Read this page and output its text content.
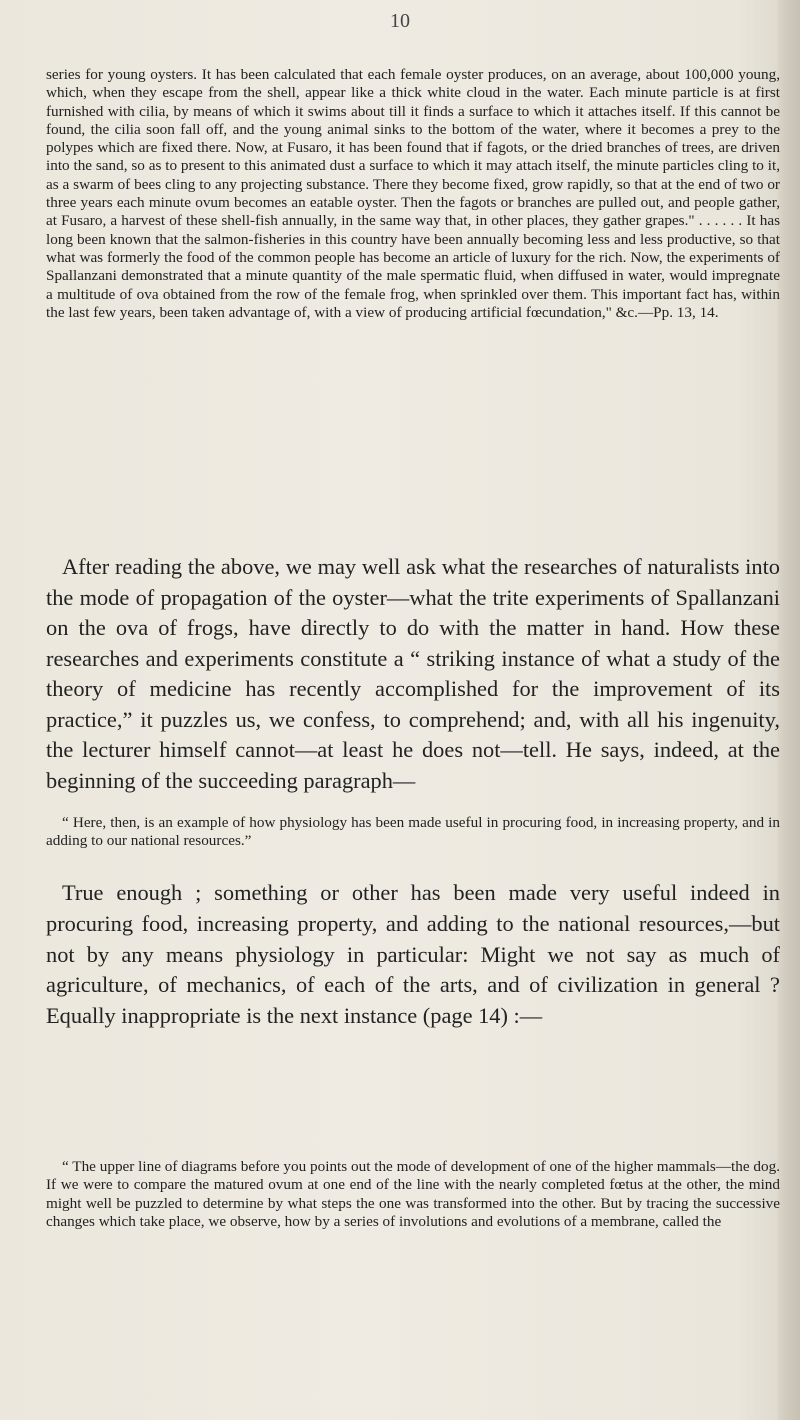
10

series for young oysters. It has been calculated that each female oyster produces, on an average, about 100,000 young, which, when they escape from the shell, appear like a thick white cloud in the water. Each minute particle is at first furnished with cilia, by means of which it swims about till it finds a surface to which it attaches itself. If this cannot be found, the cilia soon fall off, and the young animal sinks to the bottom of the water, where it becomes a prey to the polypes which are fixed there. Now, at Fusaro, it has been found that if fagots, or the dried branches of trees, are driven into the sand, so as to present to this animated dust a surface to which it may attach itself, the minute particles cling to it, as a swarm of bees cling to any projecting substance. There they become fixed, grow rapidly, so that at the end of two or three years each minute ovum becomes an eatable oyster. Then the fagots or branches are pulled out, and people gather, at Fusaro, a harvest of these shell-fish annually, in the same way that, in other places, they gather grapes." . . . . . . It has long been known that the salmon-fisheries in this country have been annually becoming less and less productive, so that what was formerly the food of the common people has become an article of luxury for the rich. Now, the experiments of Spallanzani demonstrated that a minute quantity of the male spermatic fluid, when diffused in water, would impregnate a multitude of ova obtained from the row of the female frog, when sprinkled over them. This important fact has, within the last few years, been taken advantage of, with a view of producing artificial fœcundation," &c.—Pp. 13, 14.

After reading the above, we may well ask what the researches of naturalists into the mode of propagation of the oyster—what the trite experiments of Spallanzani on the ova of frogs, have directly to do with the matter in hand. How these researches and experiments constitute a “ striking instance of what a study of the theory of medicine has recently accomplished for the improvement of its practice,” it puzzles us, we confess, to comprehend; and, with all his ingenuity, the lecturer himself cannot—at least he does not—tell. He says, indeed, at the beginning of the succeeding paragraph—

“ Here, then, is an example of how physiology has been made useful in procuring food, in increasing property, and in adding to our national resources.”

True enough ; something or other has been made very useful indeed in procuring food, increasing property, and adding to the national resources,—but not by any means physiology in particular: Might we not say as much of agriculture, of mechanics, of each of the arts, and of civilization in general ? Equally inappropriate is the next instance (page 14) :—

“ The upper line of diagrams before you points out the mode of development of one of the higher mammals—the dog. If we were to compare the matured ovum at one end of the line with the nearly completed fœtus at the other, the mind might well be puzzled to determine by what steps the one was transformed into the other. But by tracing the successive changes which take place, we observe, how by a series of involutions and evolutions of a membrane, called the
